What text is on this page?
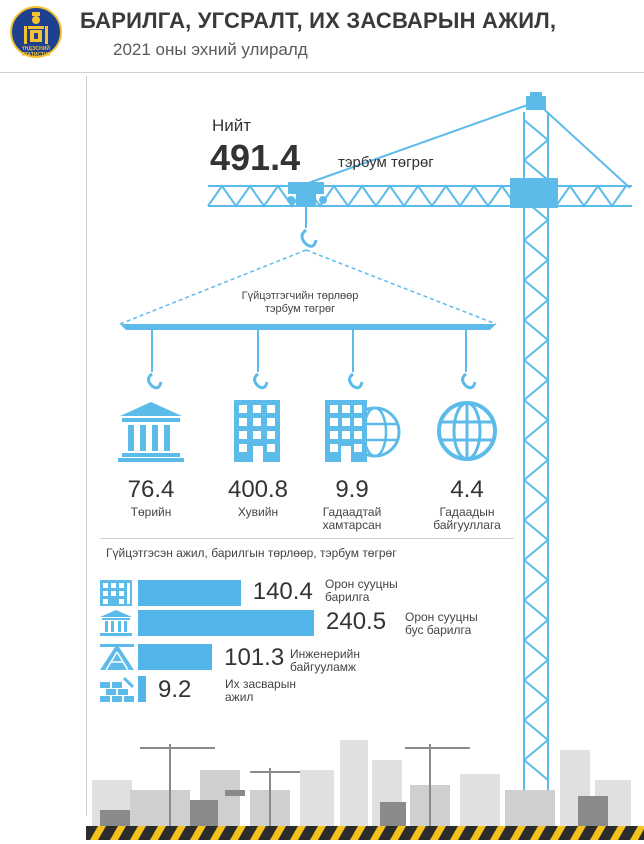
ҮНДЭСНИЙ
СТАТИСТИК
БАРИЛГА, УГСРАЛТ, ИХ ЗАСВАРЫН АЖИЛ,
2021 оны эхний улиралд
Нийт
491.4	тэрбум төгрөг
Гүйцэтгэгчийн төрлөөр тэрбум төгрөг
76.4
Төрийн
400.8
Хувийн
9.9
Гадаадтай хамтарсан
4.4
Гадаадын байгууллага
Гүйцэтгэсэн ажил, барилгын төрлөөр, тэрбум төгрөг
140.4
240.5
101.3
9.2
Орон сууцны
барилга
Орон сууцны
бус барилга
Инженерийн
байгууламж
Их засварын
ажил
